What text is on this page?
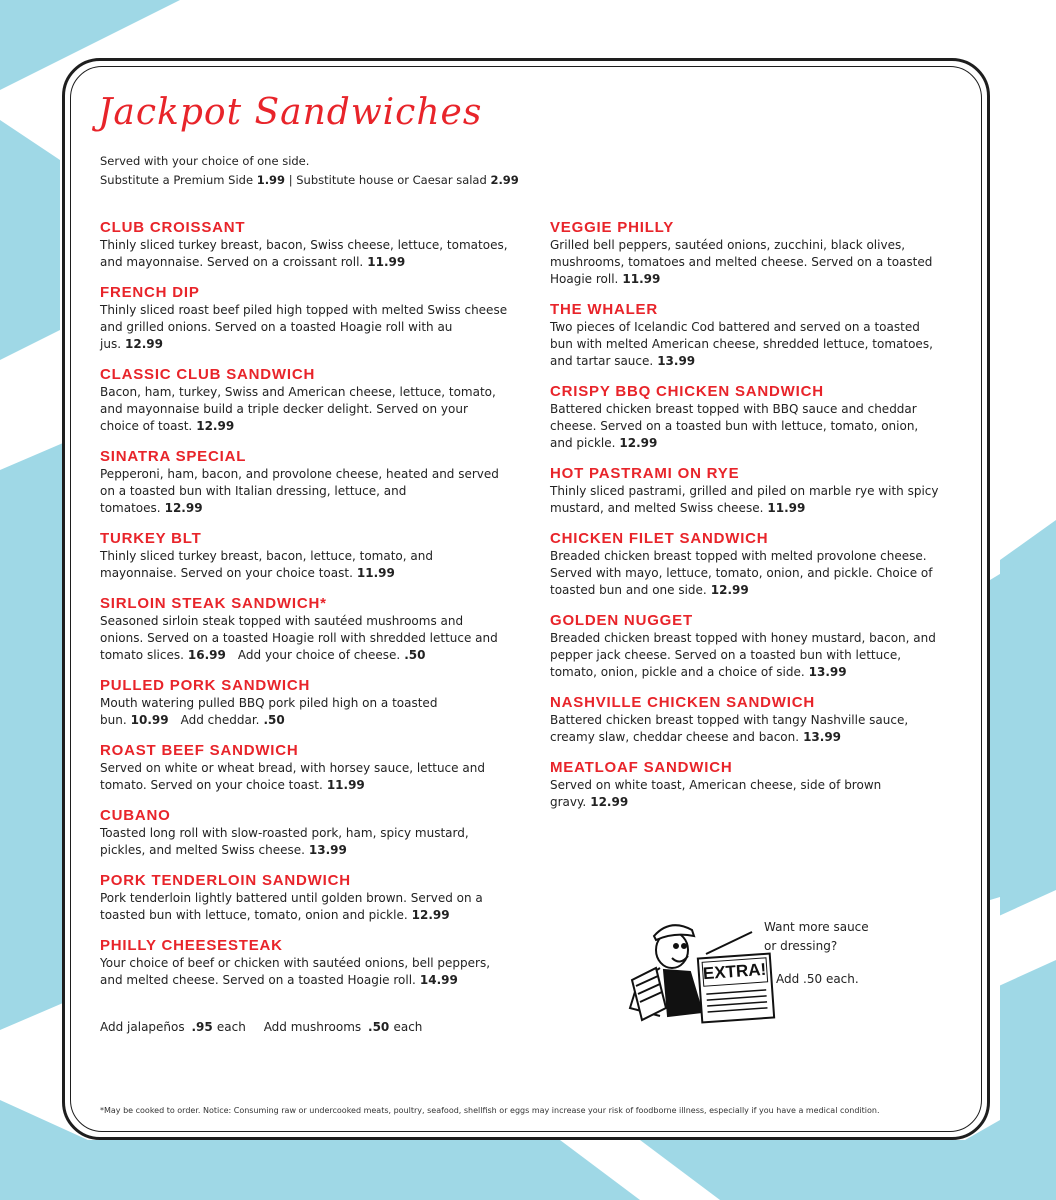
Jackpot Sandwiches
Served with your choice of one side.
Substitute a Premium Side 1.99 | Substitute house or Caesar salad 2.99
CLUB CROISSANT

Thinly sliced turkey breast, bacon, Swiss cheese, lettuce, tomatoes, and mayonnaise. Served on a croissant roll. 11.99

FRENCH DIP

Thinly sliced roast beef piled high topped with melted Swiss cheese and grilled onions. Served on a toasted Hoagie roll with au jus. 12.99

CLASSIC CLUB SANDWICH

Bacon, ham, turkey, Swiss and American cheese, lettuce, tomato, and mayonnaise build a triple decker delight. Served on your choice of toast. 12.99

SINATRA SPECIAL

Pepperoni, ham, bacon, and provolone cheese, heated and served on a toasted bun with Italian dressing, lettuce, and tomatoes. 12.99

TURKEY BLT

Thinly sliced turkey breast, bacon, lettuce, tomato, and mayonnaise. Served on your choice toast. 11.99

SIRLOIN STEAK SANDWICH*

Seasoned sirloin steak topped with sautéed mushrooms and onions. Served on a toasted Hoagie roll with shredded lettuce and tomato slices. 16.99 Add your choice of cheese. .50

PULLED PORK SANDWICH

Mouth watering pulled BBQ pork piled high on a toasted bun. 10.99 Add cheddar. .50

ROAST BEEF SANDWICH

Served on white or wheat bread, with horsey sauce, lettuce and tomato. Served on your choice toast. 11.99

CUBANO

Toasted long roll with slow-roasted pork, ham, spicy mustard, pickles, and melted Swiss cheese. 13.99

PORK TENDERLOIN SANDWICH

Pork tenderloin lightly battered until golden brown. Served on a toasted bun with lettuce, tomato, onion and pickle. 12.99

PHILLY CHEESESTEAK

Your choice of beef or chicken with sautéed onions, bell peppers, and melted cheese. Served on a toasted Hoagie roll. 14.99

VEGGIE PHILLY

Grilled bell peppers, sautéed onions, zucchini, black olives, mushrooms, tomatoes and melted cheese. Served on a toasted Hoagie roll. 11.99

THE WHALER

Two pieces of Icelandic Cod battered and served on a toasted bun with melted American cheese, shredded lettuce, tomatoes, and tartar sauce. 13.99

CRISPY BBQ CHICKEN SANDWICH

Battered chicken breast topped with BBQ sauce and cheddar cheese. Served on a toasted bun with lettuce, tomato, onion, and pickle. 12.99

HOT PASTRAMI ON RYE

Thinly sliced pastrami, grilled and piled on marble rye with spicy mustard, and melted Swiss cheese. 11.99

CHICKEN FILET SANDWICH

Breaded chicken breast topped with melted provolone cheese. Served with mayo, lettuce, tomato, onion, and pickle. Choice of toasted bun and one side. 12.99

GOLDEN NUGGET

Breaded chicken breast topped with honey mustard, bacon, and pepper jack cheese. Served on a toasted bun with lettuce, tomato, onion, pickle and a choice of side. 13.99

NASHVILLE CHICKEN SANDWICH

Battered chicken breast topped with tangy Nashville sauce, creamy slaw, cheddar cheese and bacon. 13.99

MEATLOAF SANDWICH

Served on white toast, American cheese, side of brown gravy. 12.99

Add jalapeños .95 each Add mushrooms .50 each
EXTRA!
Want more sauce
or dressing?
Add .50 each.
*May be cooked to order. Notice: Consuming raw or undercooked meats, poultry, seafood, shellfish or eggs may increase your risk of foodborne illness, especially if you have a medical condition.
